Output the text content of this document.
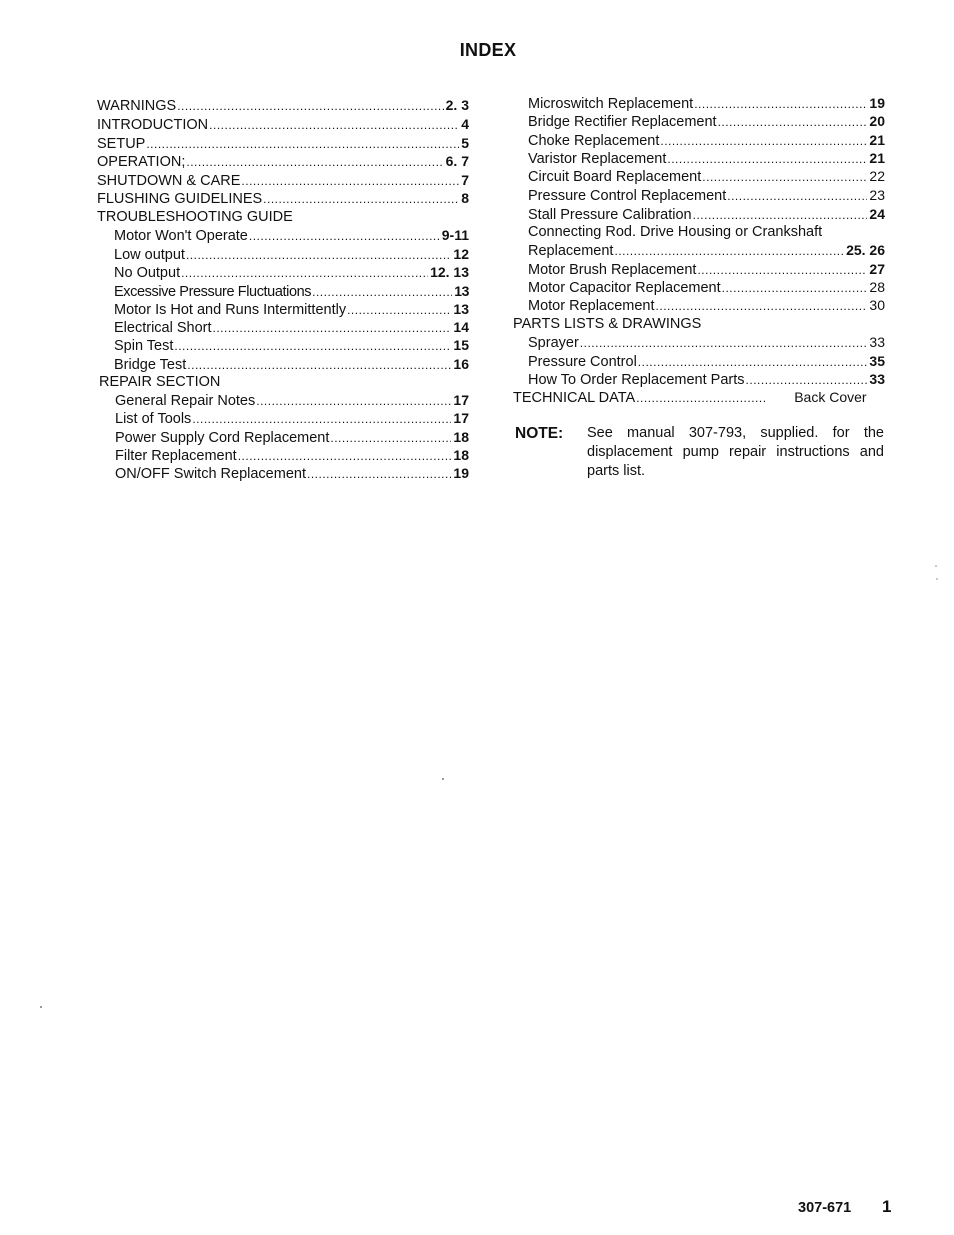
INDEX
WARNINGS .....	2. 3
INTRODUCTION .....	4
SETUP .....	5
OPERATION; .....	6. 7
SHUTDOWN & CARE .....	7
FLUSHING GUIDELINES .....	8
TROUBLESHOOTING GUIDE
Motor Won't Operate .....	9-11
Low output .....	12
No Output .....	12. 13
Excessive Pressure Fluctuations .....	13
Motor Is Hot and Runs Intermittently .....	13
Electrical Short .....	14
Spin Test .....	15
Bridge Test .....	16
REPAIR SECTION
General Repair Notes .....	17
List of Tools .....	17
Power Supply Cord Replacement .....	18
Filter Replacement .....	18
ON/OFF Switch Replacement .....	19
Microswitch Replacement .....	19
Bridge Rectifier Replacement .....	20
Choke Replacement .....	21
Varistor Replacement .....	21
Circuit Board Replacement .....	22
Pressure Control Replacement .....	23
Stall Pressure Calibration .....	24
Connecting Rod. Drive Housing or Crankshaft
Replacement .....	25. 26
Motor Brush Replacement .....	27
Motor Capacitor Replacement .....	28
Motor Replacement .....	30
PARTS LISTS & DRAWINGS
Sprayer .....	33
Pressure Control .....	35
How To Order Replacement Parts .....	33
TECHNICAL DATA .....	Back Cover
NOTE: See manual 307-793, supplied. for the displacement pump repair instructions and parts list.
307-671 1
